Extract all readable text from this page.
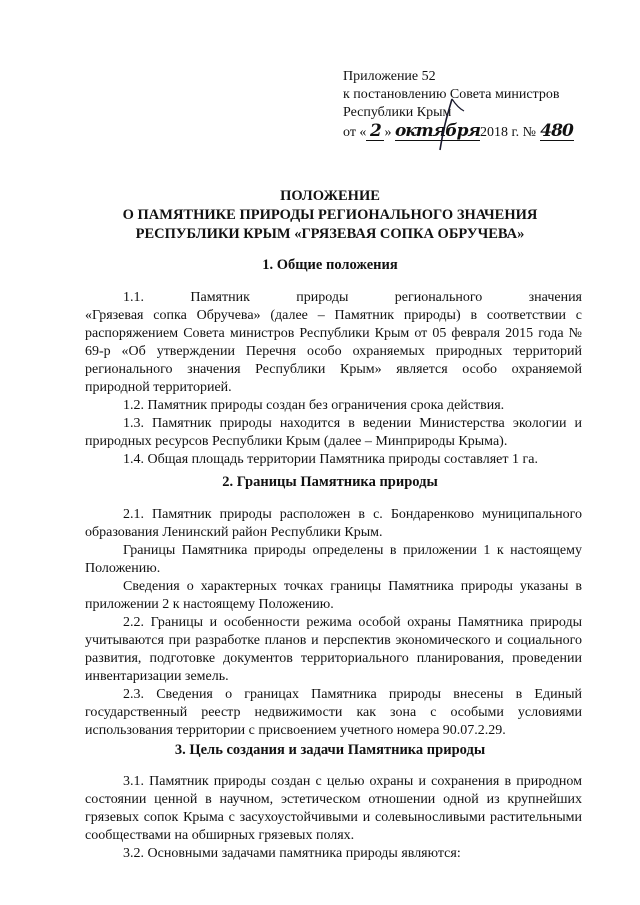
Приложение 52
к постановлению Совета министров
Республики Крым
от « 2 » октября2018 г. № 480
ПОЛОЖЕНИЕ
О ПАМЯТНИКЕ ПРИРОДЫ РЕГИОНАЛЬНОГО ЗНАЧЕНИЯ
РЕСПУБЛИКИ КРЫМ «ГРЯЗЕВАЯ СОПКА ОБРУЧЕВА»
1. Общие положения

1.1. Памятник природы регионального значения

«Грязевая сопка Обручева» (далее – Памятник природы) в соответствии с распоряжением Совета министров Республики Крым от 05 февраля 2015 года № 69-р «Об утверждении Перечня особо охраняемых природных территорий регионального значения Республики Крым» является особо охраняемой природной территорией.

1.2. Памятник природы создан без ограничения срока действия.

1.3. Памятник природы находится в ведении Министерства экологии и природных ресурсов Республики Крым (далее – Минприроды Крыма).

1.4. Общая площадь территории Памятника природы составляет 1 га.

2. Границы Памятника природы

2.1. Памятник природы расположен в с. Бондаренково муниципального образования Ленинский район Республики Крым.

Границы Памятника природы определены в приложении 1 к настоящему Положению.

Сведения о характерных точках границы Памятника природы указаны в приложении 2 к настоящему Положению.

2.2. Границы и особенности режима особой охраны Памятника природы учитываются при разработке планов и перспектив экономического и социального развития, подготовке документов территориального планирования, проведении инвентаризации земель.

2.3. Сведения о границах Памятника природы внесены в Единый государственный реестр недвижимости как зона с особыми условиями использования территории с присвоением учетного номера 90.07.2.29.

3. Цель создания и задачи Памятника природы

3.1. Памятник природы создан с целью охраны и сохранения в природном состоянии ценной в научном, эстетическом отношении одной из крупнейших грязевых сопок Крыма с засухоустойчивыми и солевыносливыми растительными сообществами на обширных грязевых полях.

3.2. Основными задачами памятника природы являются:
